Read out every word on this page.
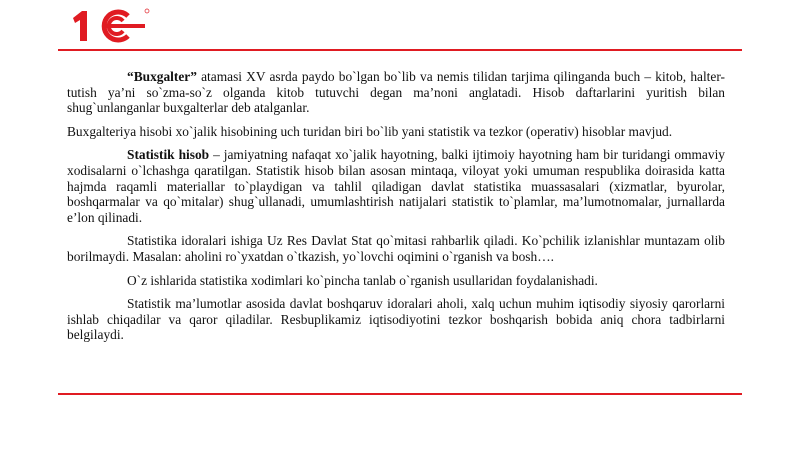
“Buxgalter” atamasi XV asrda paydo bo`lgan bo`lib va nemis tilidan tarjima qilinganda buch – kitob, halter- tutish ya’ni so`zma-so`z olganda kitob tutuvchi degan ma’noni anglatadi. Hisob daftarlarini yuritish bilan shug`unlanganlar buxgalterlar deb atalganlar.

Buxgalteriya hisobi xo`jalik hisobining uch turidan biri bo`lib yani statistik va tezkor (operativ) hisoblar mavjud.

Statistik hisob – jamiyatning nafaqat xo`jalik hayotning, balki ijtimoiy hayotning ham bir turidangi ommaviy xodisalarni o`lchashga qaratilgan. Statistik hisob bilan asosan mintaqa, viloyat yoki umuman respublika doirasida katta hajmda raqamli materiallar to`playdigan va tahlil qiladigan davlat statistika muassasalari (xizmatlar, byurolar, boshqarmalar va qo`mitalar) shug`ullanadi, umumlashtirish natijalari statistik to`plamlar, ma’lumotnomalar, jurnallarda e’lon qilinadi.

Statistika idoralari ishiga Uz Res Davlat Stat qo`mitasi rahbarlik qiladi. Ko`pchilik izlanishlar muntazam olib borilmaydi. Masalan: aholini ro`yxatdan o`tkazish, yo`lovchi oqimini o`rganish va bosh….

O`z ishlarida statistika xodimlari ko`pincha tanlab o`rganish usullaridan foydalanishadi.

Statistik ma’lumotlar asosida davlat boshqaruv idoralari aholi, xalq uchun muhim iqtisodiy siyosiy qarorlarni ishlab chiqadilar va qaror qiladilar. Resbuplikamiz iqtisodiyotini tezkor boshqarish bobida aniq chora tadbirlarni belgilaydi.
